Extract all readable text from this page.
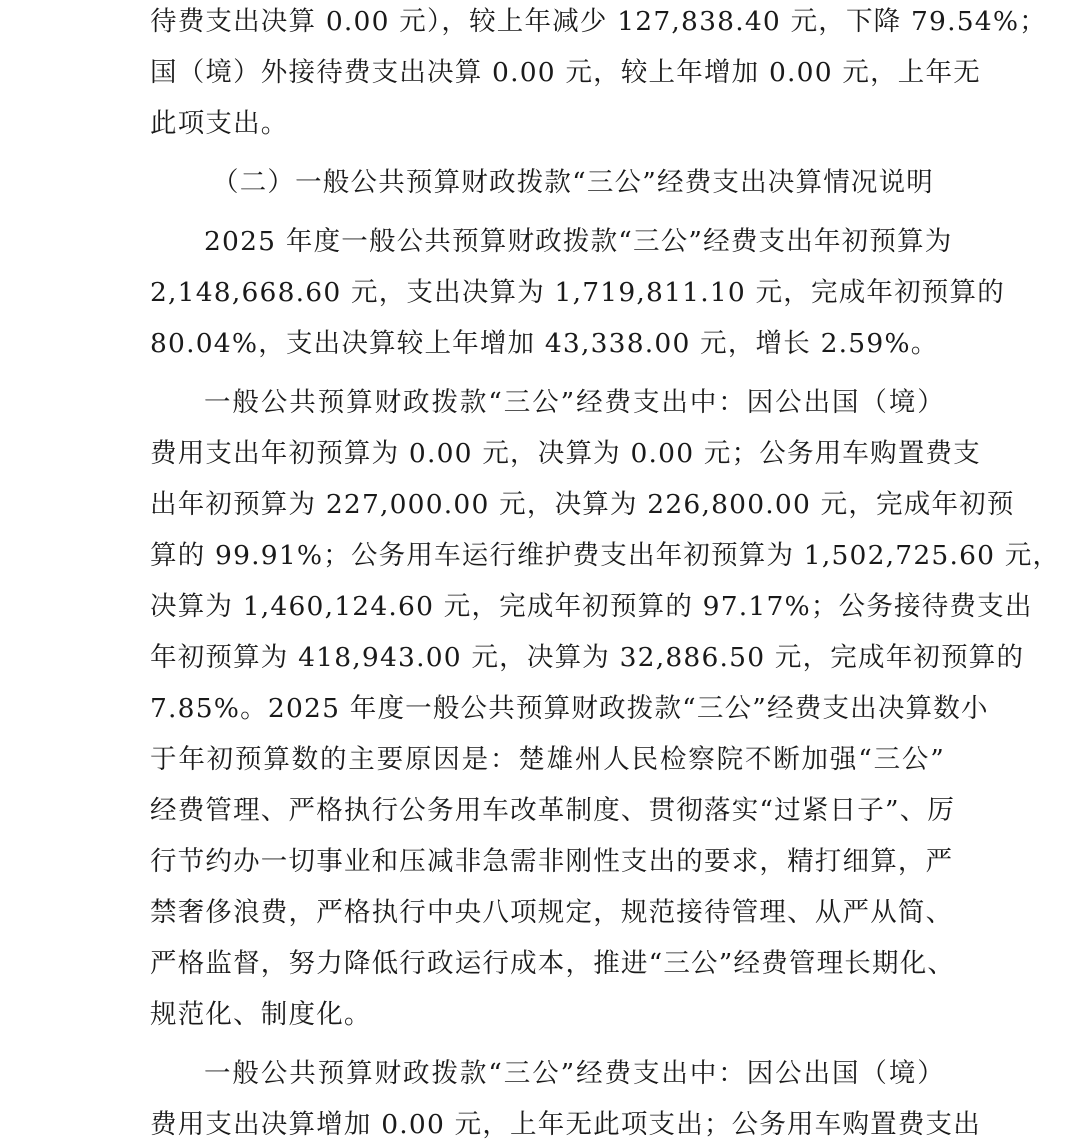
待费支出决算 0.00 元），较上年减少 127,838.40 元，下降 79.54%；
国（境）外接待费支出决算 0.00 元，较上年增加 0.00 元，上年无
此项支出。
（二）一般公共预算财政拨款“三公”经费支出决算情况说明
2025 年度一般公共预算财政拨款“三公”经费支出年初预算为
2,148,668.60 元，支出决算为 1,719,811.10 元，完成年初预算的
80.04%，支出决算较上年增加 43,338.00 元，增长 2.59%。
一般公共预算财政拨款“三公”经费支出中：因公出国（境）
费用支出年初预算为 0.00 元，决算为 0.00 元；公务用车购置费支
出年初预算为 227,000.00 元，决算为 226,800.00 元，完成年初预
算的 99.91%；公务用车运行维护费支出年初预算为 1,502,725.60 元，
决算为 1,460,124.60 元，完成年初预算的 97.17%；公务接待费支出
年初预算为 418,943.00 元，决算为 32,886.50 元，完成年初预算的
7.85%。2025 年度一般公共预算财政拨款“三公”经费支出决算数小
于年初预算数的主要原因是：楚雄州人民检察院不断加强“三公”
经费管理、严格执行公务用车改革制度、贯彻落实“过紧日子”、厉
行节约办一切事业和压减非急需非刚性支出的要求，精打细算，严
禁奢侈浪费，严格执行中央八项规定，规范接待管理、从严从简、
严格监督，努力降低行政运行成本，推进“三公”经费管理长期化、
规范化、制度化。
一般公共预算财政拨款“三公”经费支出中：因公出国（境）
费用支出决算增加 0.00 元，上年无此项支出；公务用车购置费支出
